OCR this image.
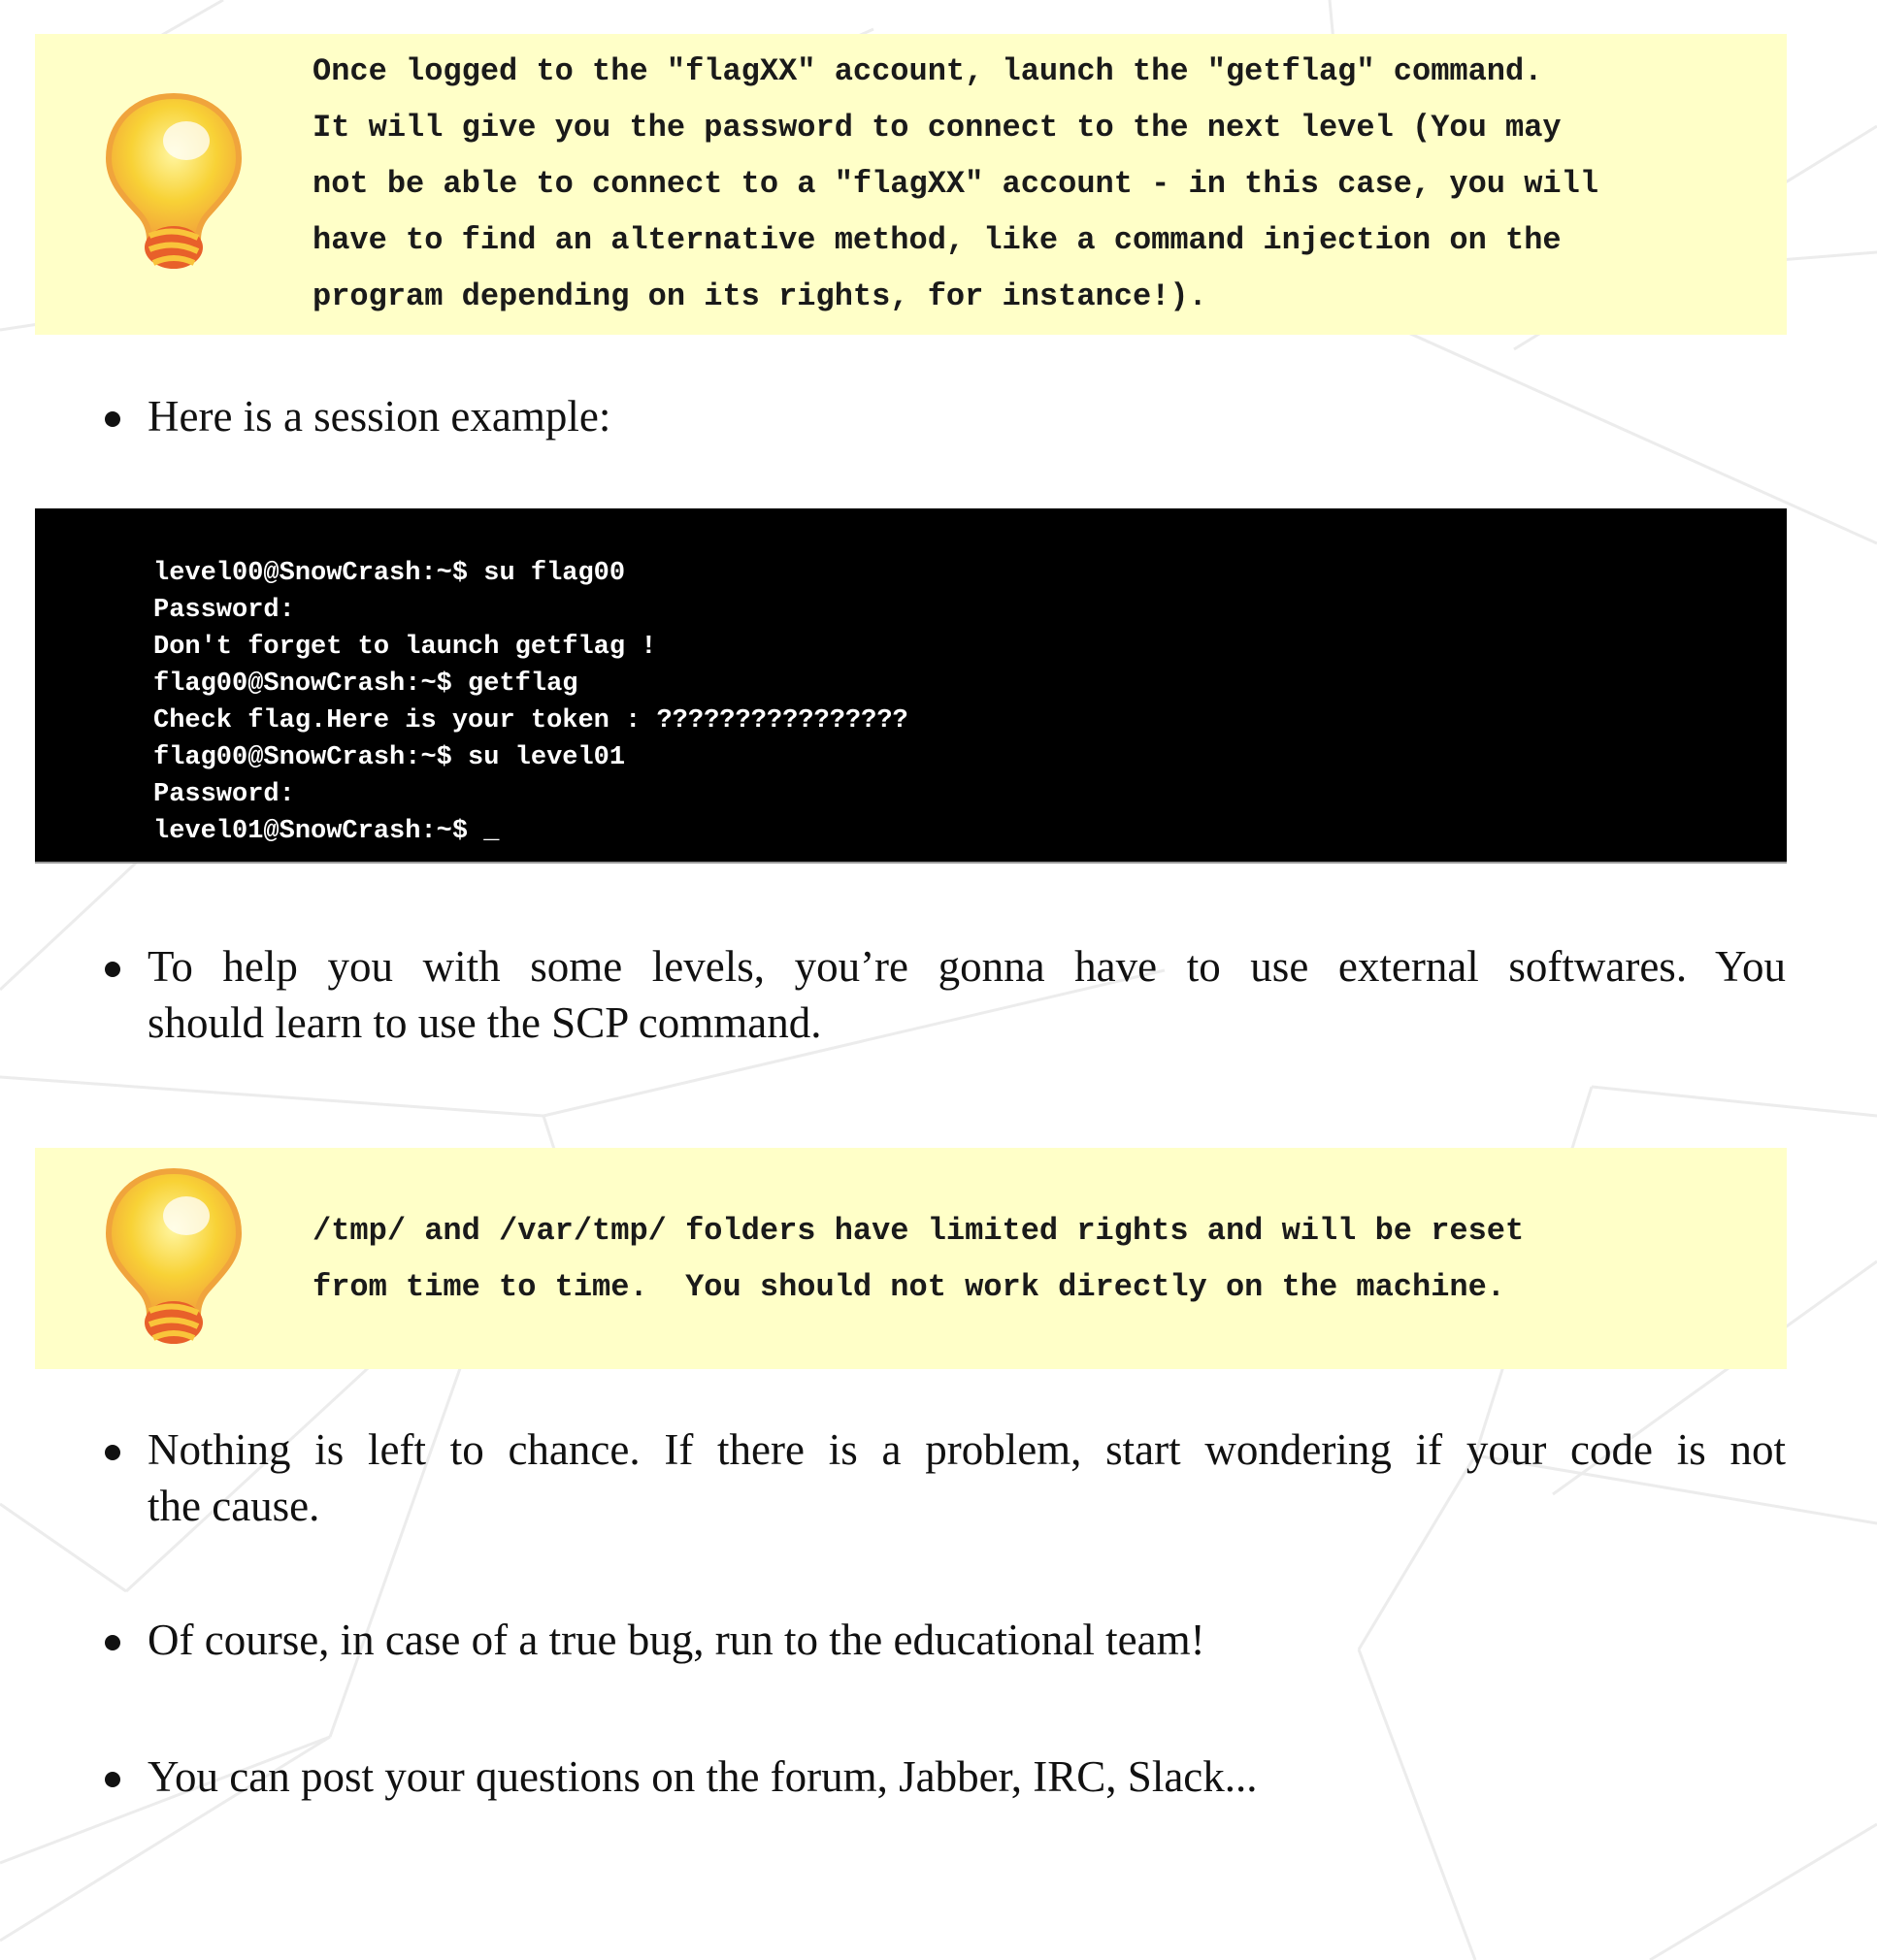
Once logged to the "flagXX" account, launch the "getflag" command.
It will give you the password to connect to the next level (You may
not be able to connect to a "flagXX" account - in this case, you will
have to find an alternative method, like a command injection on the
program depending on its rights, for instance!).

Here is a session example:

level00@SnowCrash:~$ su flag00
Password:
Don't forget to launch getflag !
flag00@SnowCrash:~$ getflag
Check flag.Here is your token : ????????????????
flag00@SnowCrash:~$ su level01
Password:
level01@SnowCrash:~$ _

To help you with some levels, you’re gonna have to use external softwares. You
should learn to use the SCP command.

/tmp/ and /var/tmp/ folders have limited rights and will be reset
from time to time.  You should not work directly on the machine.

Nothing is left to chance. If there is a problem, start wondering if your code is not
the cause.

Of course, in case of a true bug, run to the educational team!

You can post your questions on the forum, Jabber, IRC, Slack...
